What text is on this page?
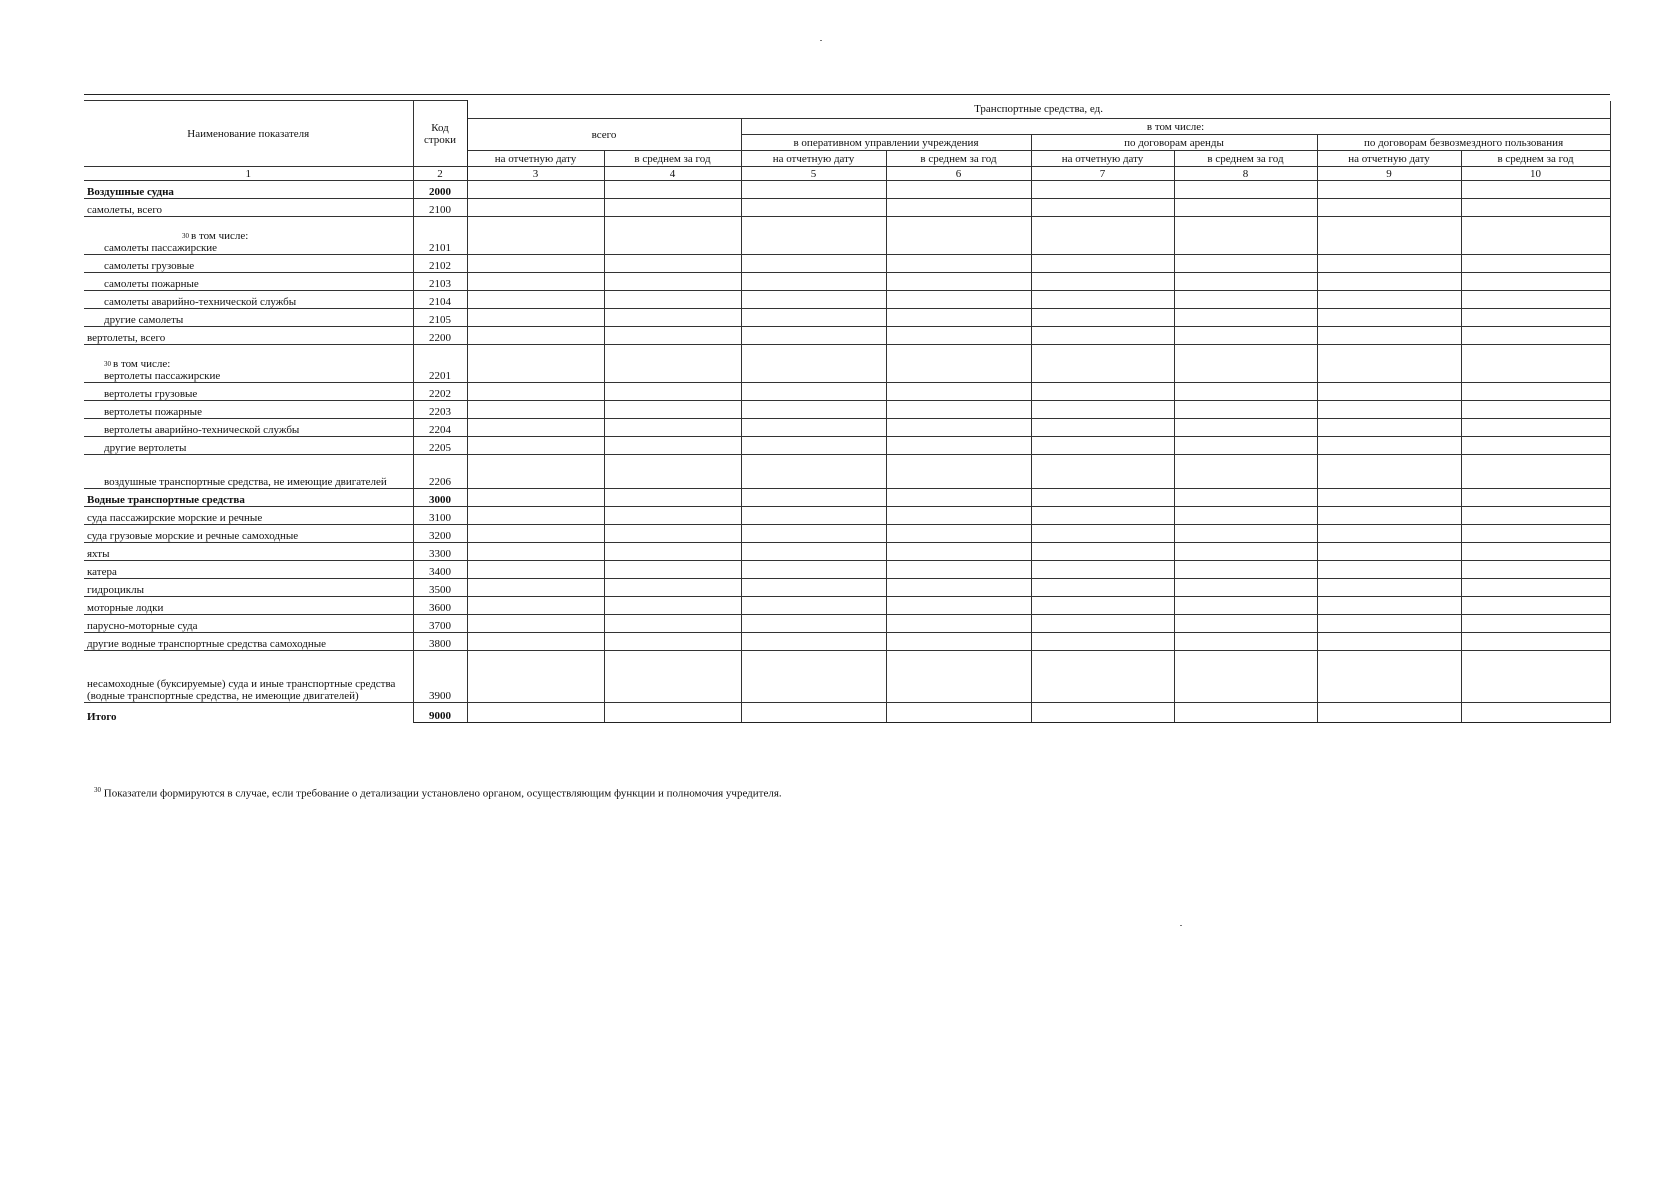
Наименование показателя	Код строки	Транспортные средства, ед.							
		всего		в том числе:					
				в оперативном управлении учреждения		по договорам аренды		по договорам безвозмездного пользования	
		на отчетную дату	в среднем за год	на отчетную дату	в среднем за год	на отчетную дату	в среднем за год	на отчетную дату	в среднем за год
1	2	3	4	5	6	7	8	9	10
Воздушные судна	2000								
самолеты, всего	2100								

$^{30}$ в том числе:
самолеты пассажирские	2101								
самолеты грузовые	2102								
самолеты пожарные	2103								
самолеты аварийно-технической службы	2104								
другие самолеты	2105								
вертолеты, всего	2200								

$^{30}$ в том числе:
вертолеты пассажирские	2201								
вертолеты грузовые	2202								
вертолеты пожарные	2203								
вертолеты аварийно-технической службы	2204								
другие вертолеты	2205								
воздушные транспортные средства, не имеющие двигателей	2206								
Водные транспортные средства	3000								
суда пассажирские морские и речные	3100								
суда грузовые морские и речные самоходные	3200								
яхты	3300								
катера	3400								
гидроциклы	3500								
моторные лодки	3600								
парусно-моторные суда	3700								
другие водные транспортные средства самоходные	3800								
несамоходные (буксируемые) суда и иные транспортные средства (водные транспортные средства, не имеющие двигателей)	3900								
Итого	9000								
$^{30}$ Показатели формируются в случае, если требование о детализации установлено органом, осуществляющим функции и полномочия учредителя.
